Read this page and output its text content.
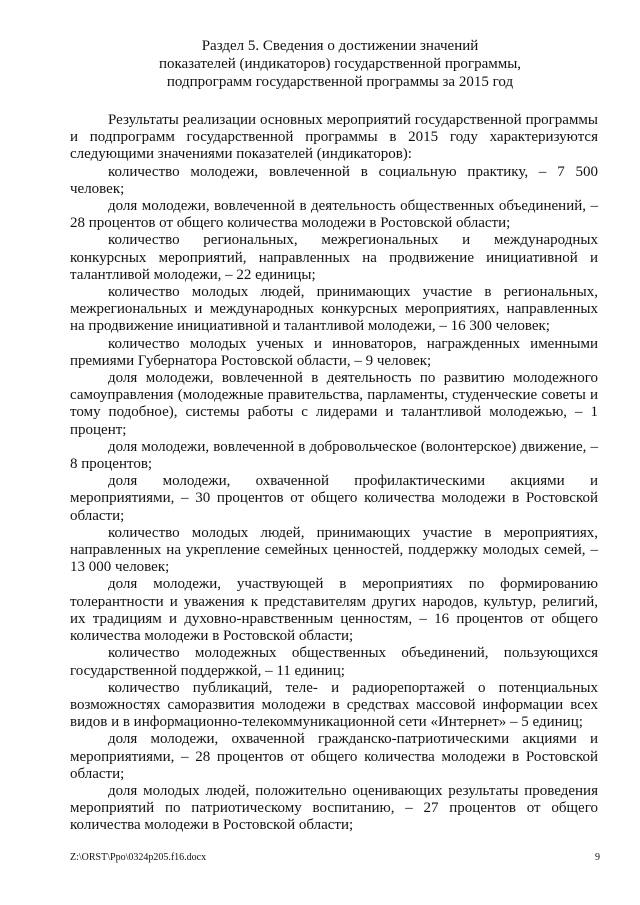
Раздел 5. Сведения о достижении значений
показателей (индикаторов) государственной программы,
подпрограмм государственной программы за 2015 год

Результаты реализации основных мероприятий государственной программы и подпрограмм государственной программы в 2015 году характеризуются следующими значениями показателей (индикаторов):

количество молодежи, вовлеченной в социальную практику, – 7 500 человек;

доля молодежи, вовлеченной в деятельность общественных объединений, – 28 процентов от общего количества молодежи в Ростовской области;

количество региональных, межрегиональных и международных конкурсных мероприятий, направленных на продвижение инициативной и талантливой молодежи, – 22 единицы;

количество молодых людей, принимающих участие в региональных, межрегиональных и международных конкурсных мероприятиях, направленных на продвижение инициативной и талантливой молодежи, – 16 300 человек;

количество молодых ученых и инноваторов, награжденных именными премиями Губернатора Ростовской области, – 9 человек;

доля молодежи, вовлеченной в деятельность по развитию молодежного самоуправления (молодежные правительства, парламенты, студенческие советы и тому подобное), системы работы с лидерами и талантливой молодежью, – 1 процент;

доля молодежи, вовлеченной в добровольческое (волонтерское) движение, – 8 процентов;

доля молодежи, охваченной профилактическими акциями и мероприятиями, – 30 процентов от общего количества молодежи в Ростовской области;

количество молодых людей, принимающих участие в мероприятиях, направленных на укрепление семейных ценностей, поддержку молодых семей, – 13 000 человек;

доля молодежи, участвующей в мероприятиях по формированию толерантности и уважения к представителям других народов, культур, религий, их традициям и духовно-нравственным ценностям, – 16 процентов от общего количества молодежи в Ростовской области;

количество молодежных общественных объединений, пользующихся государственной поддержкой, – 11 единиц;

количество публикаций, теле- и радиорепортажей о потенциальных возможностях саморазвития молодежи в средствах массовой информации всех видов и в информационно-телекоммуникационной сети «Интернет» – 5 единиц;

доля молодежи, охваченной гражданско-патриотическими акциями и мероприятиями, – 28 процентов от общего количества молодежи в Ростовской области;

доля молодых людей, положительно оценивающих результаты проведения мероприятий по патриотическому воспитанию, – 27 процентов от общего количества молодежи в Ростовской области;

Z:\ORST\Ppo\0324p205.f16.docx	9
